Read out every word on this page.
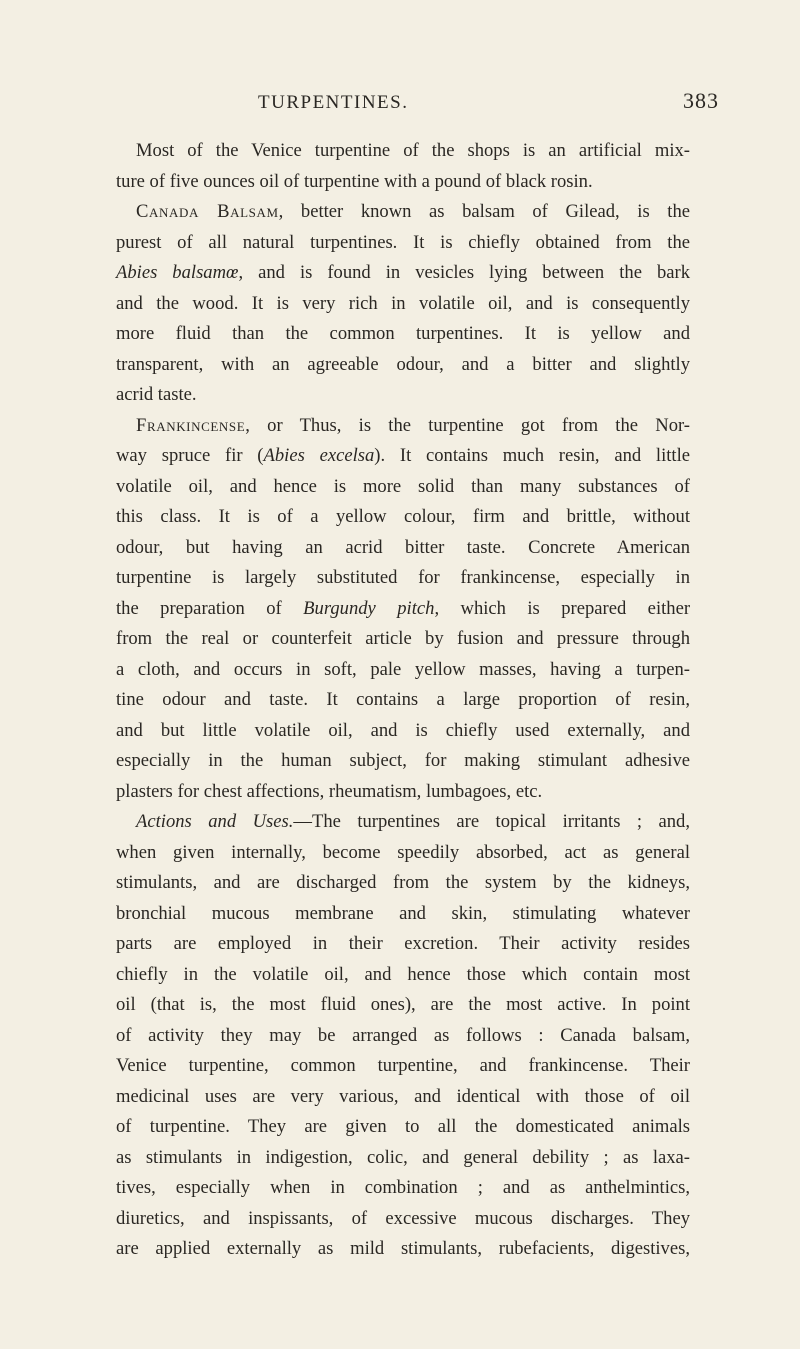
TURPENTINES.	383
Most of the Venice turpentine of the shops is an artificial mix-
ture of five ounces oil of turpentine with a pound of black rosin.
Canada Balsam, better known as balsam of Gilead, is the
purest of all natural turpentines. It is chiefly obtained from the
Abies balsamœ, and is found in vesicles lying between the bark
and the wood. It is very rich in volatile oil, and is consequently
more fluid than the common turpentines. It is yellow and
transparent, with an agreeable odour, and a bitter and slightly
acrid taste.
Frankincense, or Thus, is the turpentine got from the Nor-
way spruce fir (Abies excelsa). It contains much resin, and little
volatile oil, and hence is more solid than many substances of
this class. It is of a yellow colour, firm and brittle, without
odour, but having an acrid bitter taste. Concrete American
turpentine is largely substituted for frankincense, especially in
the preparation of Burgundy pitch, which is prepared either
from the real or counterfeit article by fusion and pressure through
a cloth, and occurs in soft, pale yellow masses, having a turpen-
tine odour and taste. It contains a large proportion of resin,
and but little volatile oil, and is chiefly used externally, and
especially in the human subject, for making stimulant adhesive
plasters for chest affections, rheumatism, lumbagoes, etc.
Actions and Uses.—The turpentines are topical irritants ; and,
when given internally, become speedily absorbed, act as general
stimulants, and are discharged from the system by the kidneys,
bronchial mucous membrane and skin, stimulating whatever
parts are employed in their excretion. Their activity resides
chiefly in the volatile oil, and hence those which contain most
oil (that is, the most fluid ones), are the most active. In point
of activity they may be arranged as follows : Canada balsam,
Venice turpentine, common turpentine, and frankincense. Their
medicinal uses are very various, and identical with those of oil
of turpentine. They are given to all the domesticated animals
as stimulants in indigestion, colic, and general debility ; as laxa-
tives, especially when in combination ; and as anthelmintics,
diuretics, and inspissants, of excessive mucous discharges. They
are applied externally as mild stimulants, rubefacients, digestives,
